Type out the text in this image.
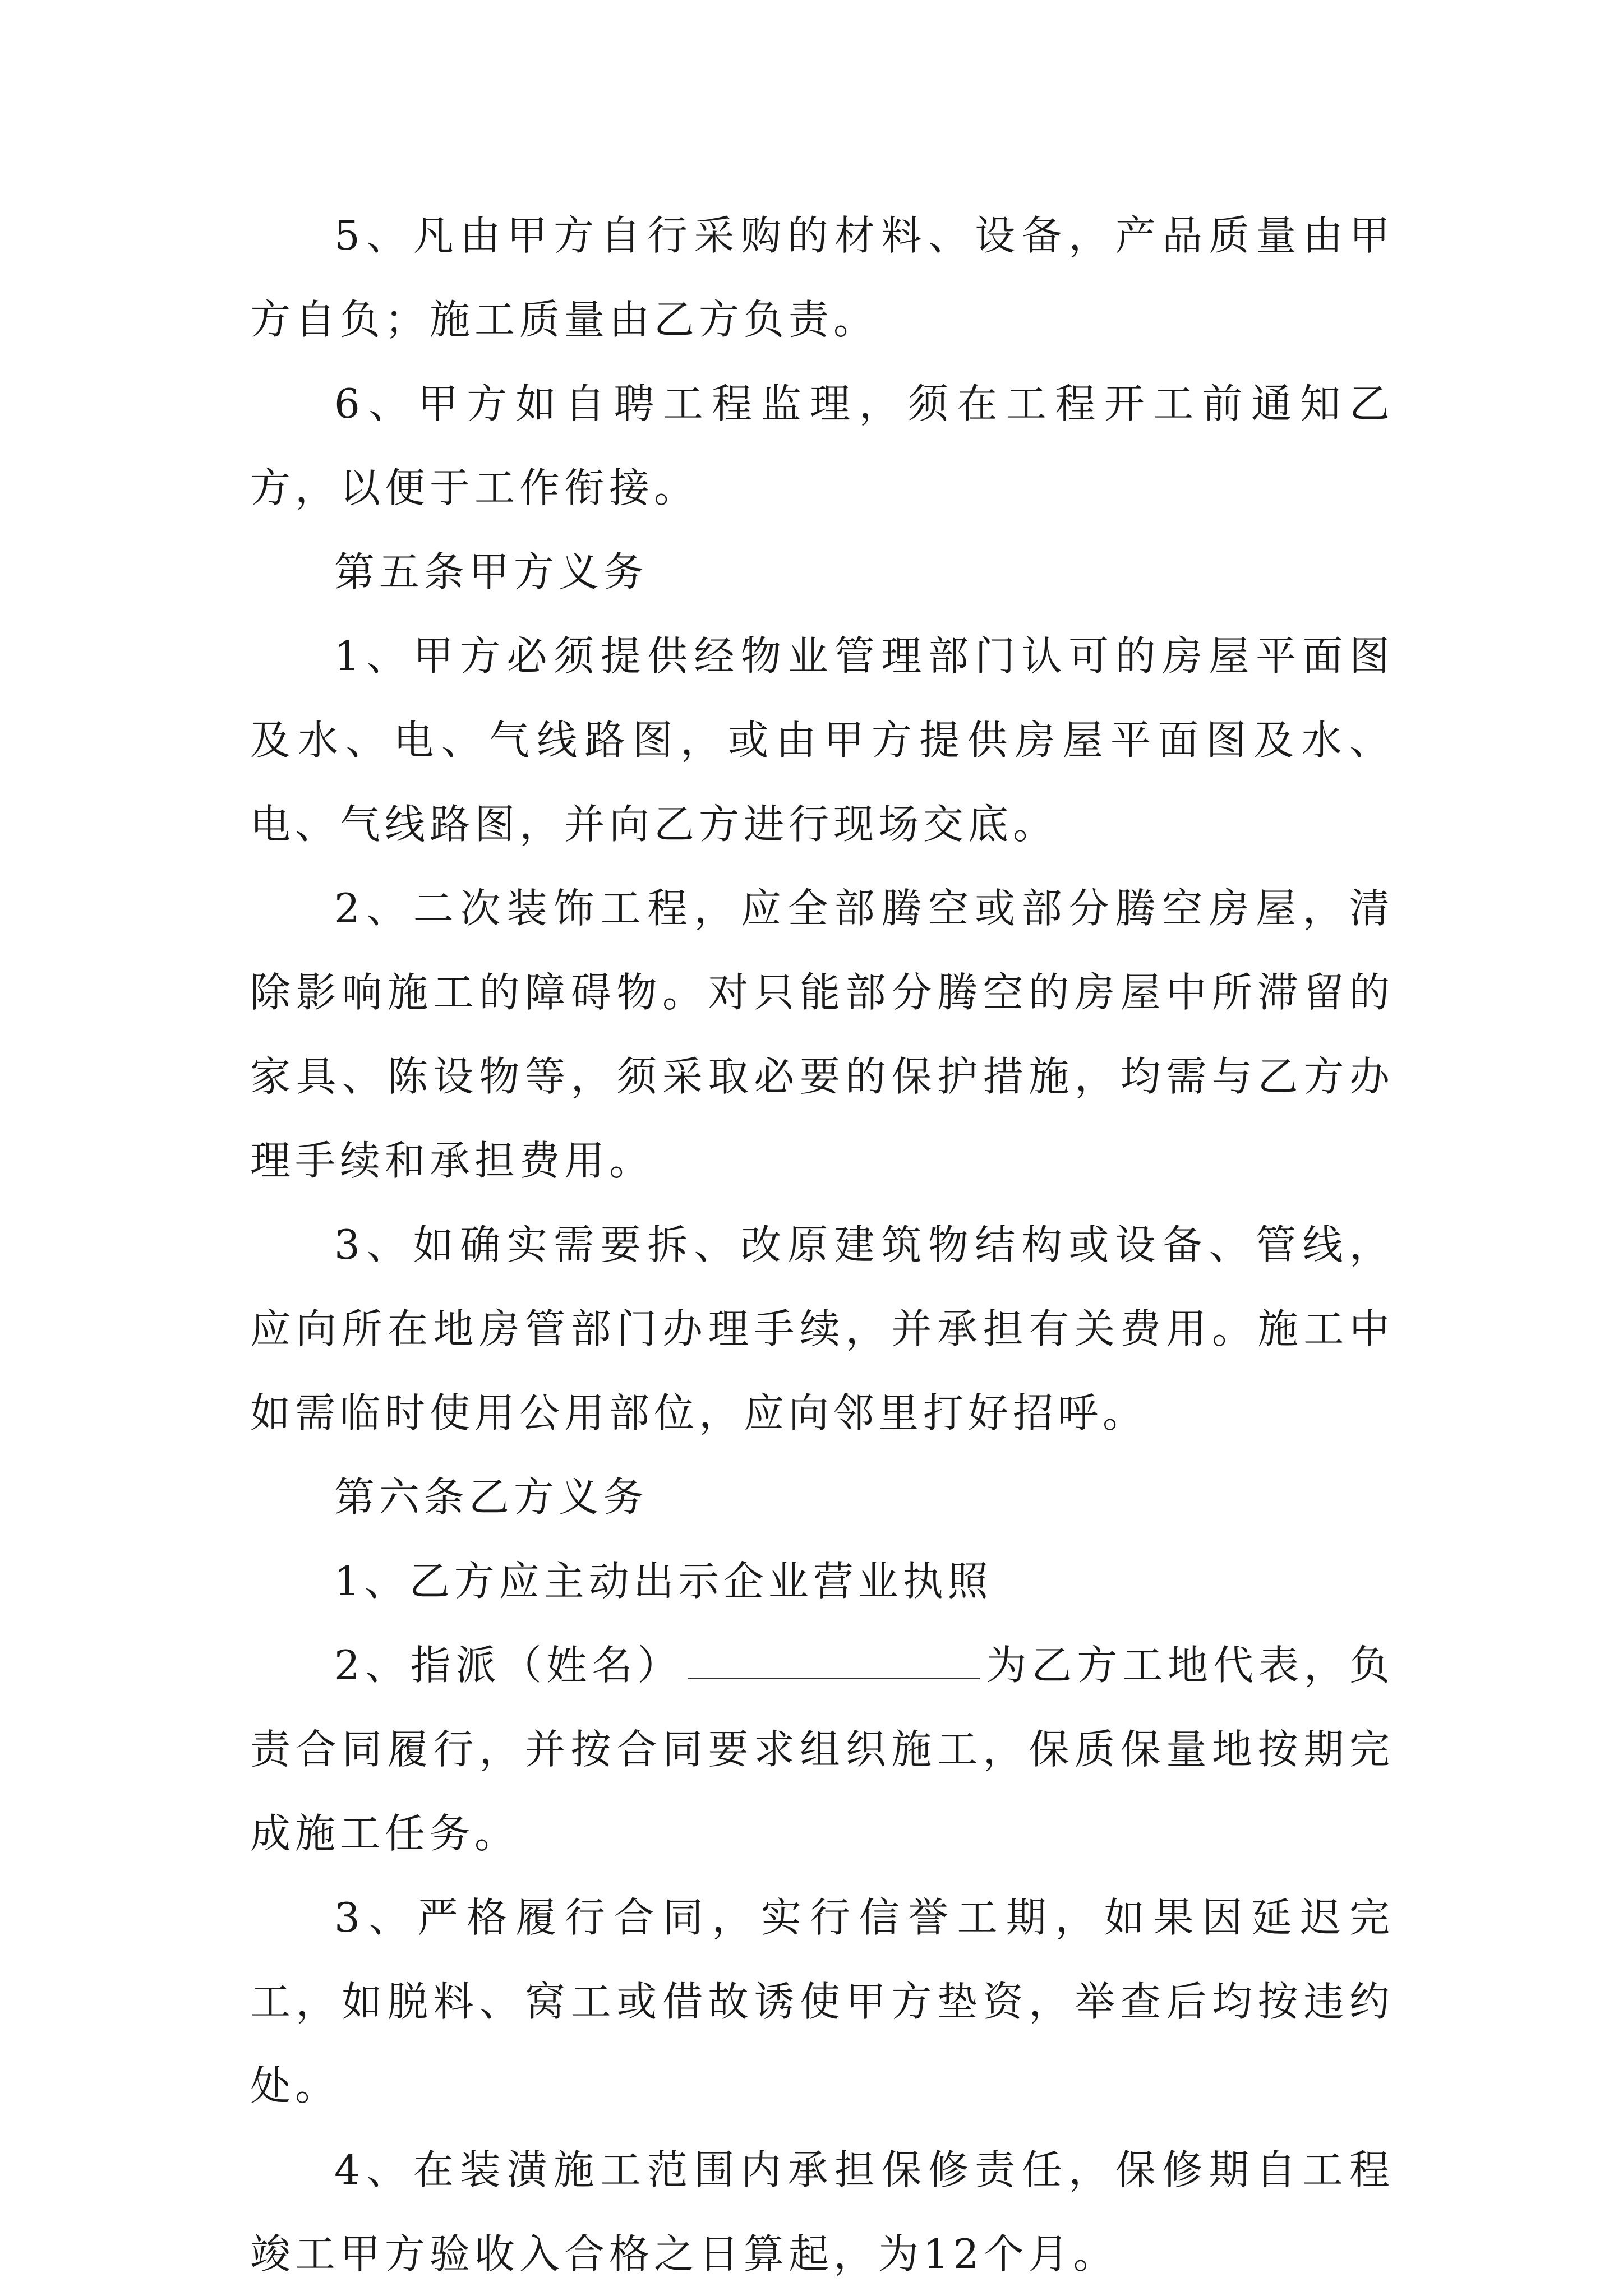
5、凡由甲方自行采购的材料、设备，产品质量由甲方自负；施工质量由乙方负责。

6、甲方如自聘工程监理，须在工程开工前通知乙方，以便于工作衔接。

第五条甲方义务

1、甲方必须提供经物业管理部门认可的房屋平面图及水、电、气线路图，或由甲方提供房屋平面图及水、电、气线路图，并向乙方进行现场交底。

2、二次装饰工程，应全部腾空或部分腾空房屋，清除影响施工的障碍物。对只能部分腾空的房屋中所滞留的家具、陈设物等，须采取必要的保护措施，均需与乙方办理手续和承担费用。

3、如确实需要拆、改原建筑物结构或设备、管线，应向所在地房管部门办理手续，并承担有关费用。施工中如需临时使用公用部位，应向邻里打好招呼。

第六条乙方义务

1、乙方应主动出示企业营业执照

2、指派（姓名）	为乙方工地代表，负责合同履行，并按合同要求组织施工，保质保量地按期完成施工任务。

3、严格履行合同，实行信誉工期，如果因延迟完工，如脱料、窝工或借故诱使甲方垫资，举查后均按违约处。

4、在装潢施工范围内承担保修责任，保修期自工程竣工甲方验收入合格之日算起，为12个月。
